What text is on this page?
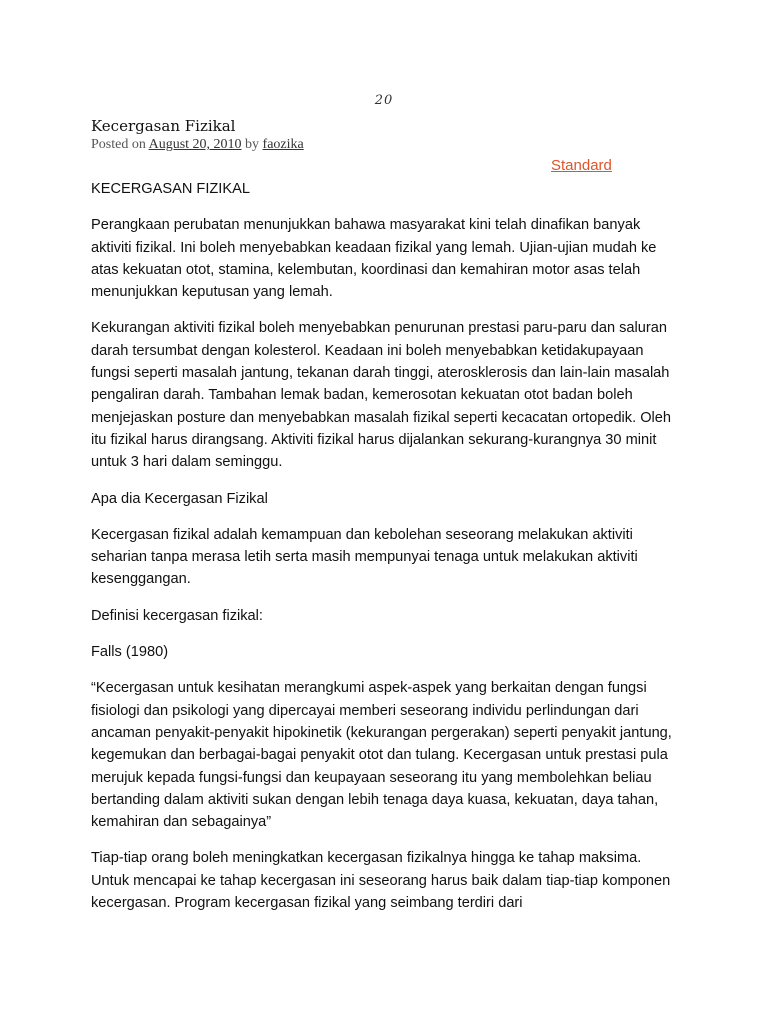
20
Kecergasan Fizikal
Posted on August 20, 2010 by faozika
Standard

KECERGASAN FIZIKAL

Perangkaan perubatan menunjukkan bahawa masyarakat kini telah dinafikan banyak aktiviti fizikal. Ini boleh menyebabkan keadaan fizikal yang lemah. Ujian-ujian mudah ke atas kekuatan otot, stamina, kelembutan, koordinasi dan kemahiran motor asas telah menunjukkan keputusan yang lemah.

Kekurangan aktiviti fizikal boleh menyebabkan penurunan prestasi paru-paru dan saluran darah tersumbat dengan kolesterol. Keadaan ini boleh menyebabkan ketidakupayaan fungsi seperti masalah jantung, tekanan darah tinggi, aterosklerosis dan lain-lain masalah pengaliran darah. Tambahan lemak badan, kemerosotan kekuatan otot badan boleh menjejaskan posture dan menyebabkan masalah fizikal seperti kecacatan ortopedik. Oleh itu fizikal harus dirangsang. Aktiviti fizikal harus dijalankan sekurang-kurangnya 30 minit untuk 3 hari dalam seminggu.

Apa dia Kecergasan Fizikal

Kecergasan fizikal adalah kemampuan dan kebolehan seseorang melakukan aktiviti seharian tanpa merasa letih serta masih mempunyai tenaga untuk melakukan aktiviti kesenggangan.

Definisi kecergasan fizikal:

Falls (1980)

“Kecergasan untuk kesihatan merangkumi aspek-aspek yang berkaitan dengan fungsi fisiologi dan psikologi yang dipercayai memberi seseorang individu perlindungan dari ancaman penyakit-penyakit hipokinetik (kekurangan pergerakan) seperti penyakit jantung, kegemukan dan berbagai-bagai penyakit otot dan tulang. Kecergasan untuk prestasi pula merujuk kepada fungsi-fungsi dan keupayaan seseorang itu yang membolehkan beliau bertanding dalam aktiviti sukan dengan lebih tenaga daya kuasa, kekuatan, daya tahan, kemahiran dan sebagainya”

Tiap-tiap orang boleh meningkatkan kecergasan fizikalnya hingga ke tahap maksima. Untuk mencapai ke tahap kecergasan ini seseorang harus baik dalam tiap-tiap komponen kecergasan. Program kecergasan fizikal yang seimbang terdiri dari
